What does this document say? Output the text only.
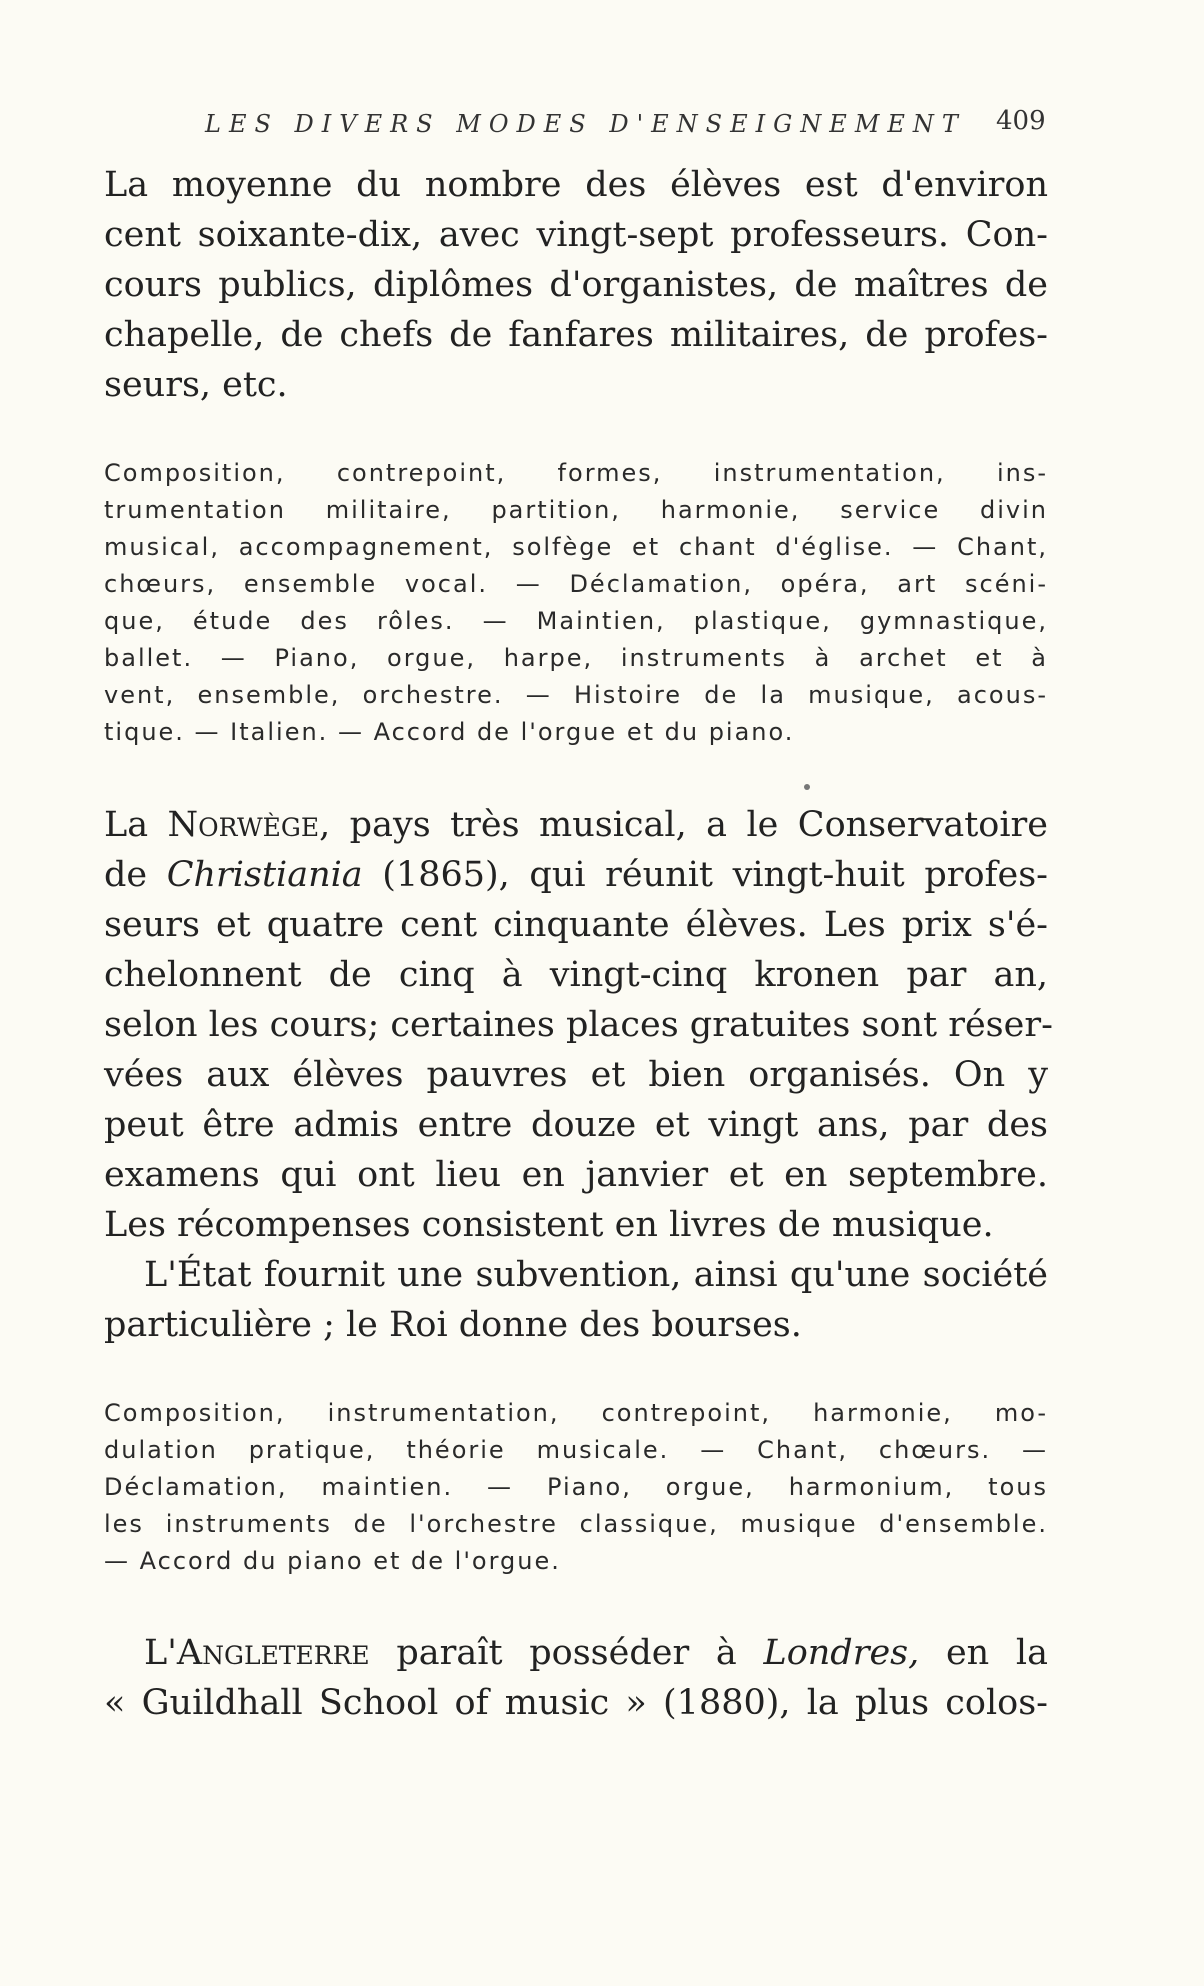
LES DIVERS MODES D'ENSEIGNEMENT 409
La moyenne du nombre des élèves est d'environ
cent soixante-dix, avec vingt-sept professeurs. Con-
cours publics, diplômes d'organistes, de maîtres de
chapelle, de chefs de fanfares militaires, de profes-
seurs, etc.
Composition, contrepoint, formes, instrumentation, ins-
trumentation militaire, partition, harmonie, service divin
musical, accompagnement, solfège et chant d'église. — Chant,
chœurs, ensemble vocal. — Déclamation, opéra, art scéni-
que, étude des rôles. — Maintien, plastique, gymnastique,
ballet. — Piano, orgue, harpe, instruments à archet et à
vent, ensemble, orchestre. — Histoire de la musique, acous-
tique. — Italien. — Accord de l'orgue et du piano.
La Norwège, pays très musical, a le Conservatoire
de Christiania (1865), qui réunit vingt-huit profes-
seurs et quatre cent cinquante élèves. Les prix s'é-
chelonnent de cinq à vingt-cinq kronen par an,
selon les cours; certaines places gratuites sont réser-
vées aux élèves pauvres et bien organisés. On y
peut être admis entre douze et vingt ans, par des
examens qui ont lieu en janvier et en septembre.
Les récompenses consistent en livres de musique.
L'État fournit une subvention, ainsi qu'une société
particulière ; le Roi donne des bourses.
Composition, instrumentation, contrepoint, harmonie, mo-
dulation pratique, théorie musicale. — Chant, chœurs. —
Déclamation, maintien. — Piano, orgue, harmonium, tous
les instruments de l'orchestre classique, musique d'ensemble.
— Accord du piano et de l'orgue.
L'Angleterre paraît posséder à Londres, en la
« Guildhall School of music » (1880), la plus colos-
